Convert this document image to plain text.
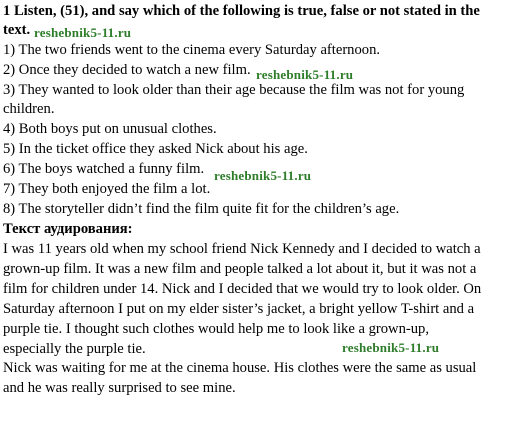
1 Listen, (51), and say which of the following is true, false or not stated in the
text.
1) The two friends went to the cinema every Saturday afternoon.
2) Once they decided to watch a new film.
3) They wanted to look older than their age because the film was not for young
children.
4) Both boys put on unusual clothes.
5) In the ticket office they asked Nick about his age.
6) The boys watched a funny film.
7) They both enjoyed the film a lot.
8) The storyteller didn’t find the film quite fit for the children’s age.
Текст аудирования:
I was 11 years old when my school friend Nick Kennedy and I decided to watch a
grown-up film. It was a new film and people talked a lot about it, but it was not a
film for children under 14. Nick and I decided that we would try to look older. On
Saturday afternoon I put on my elder sister’s jacket, a bright yellow T-shirt and a
purple tie. I thought such clothes would help me to look like a grown-up,
especially the purple tie.
Nick was waiting for me at the cinema house. His clothes were the same as usual
and he was really surprised to see mine.
reshebnik5-11.ru
reshebnik5-11.ru
reshebnik5-11.ru
reshebnik5-11.ru
